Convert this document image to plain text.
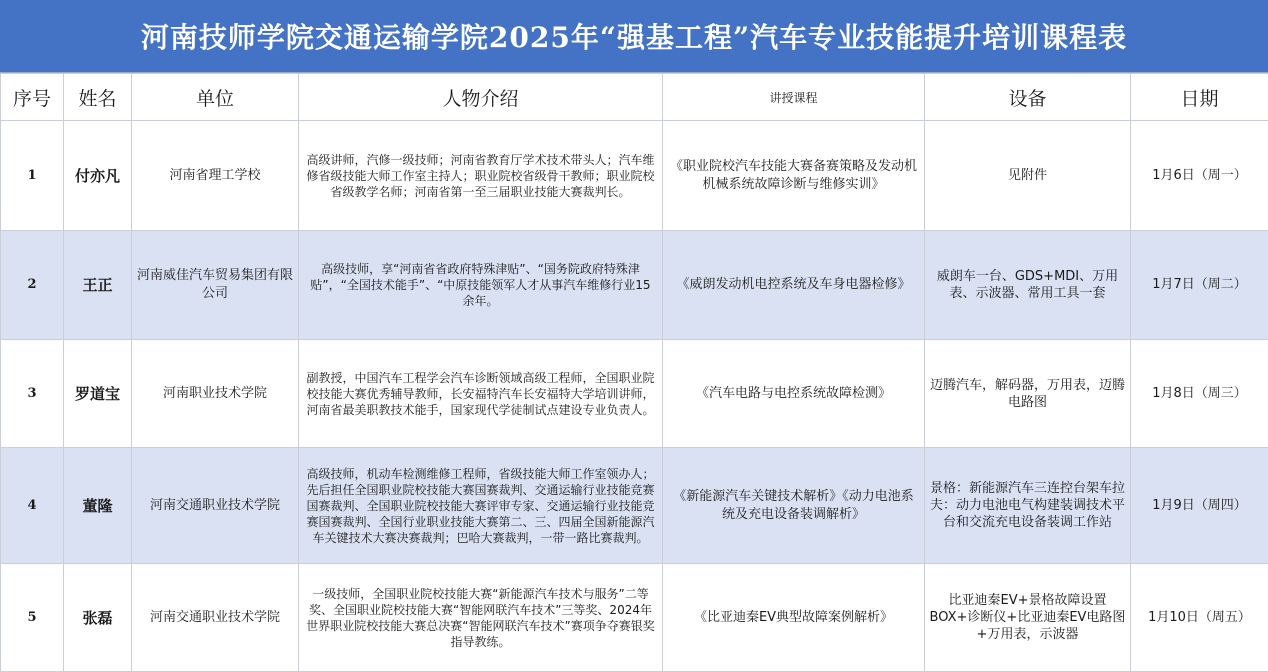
河南技师学院交通运输学院2025年“强基工程”汽车专业技能提升培训课程表
序号	姓名	单位	人物介绍	讲授课程	设备	日期
1	付亦凡	河南省理工学校	高级讲师，汽修一级技师；河南省教育厅学术技术带头人；汽车维修省级技能大师工作室主持人；职业院校省级骨干教师；职业院校省级教学名师；河南省第一至三届职业技能大赛裁判长。	《职业院校汽车技能大赛备赛策略及发动机机械系统故障诊断与维修实训》	见附件	1月6日（周一）
2	王正	河南威佳汽车贸易集团有限公司	高级技师，享“河南省省政府特殊津贴”、“国务院政府特殊津贴”，“全国技术能手”、“中原技能领军人才从事汽车维修行业15余年。	《威朗发动机电控系统及车身电器检修》	威朗车一台、GDS+MDI、万用表、示波器、常用工具一套	1月7日（周二）
3	罗道宝	河南职业技术学院	副教授，中国汽车工程学会汽车诊断领域高级工程师，全国职业院校技能大赛优秀辅导教师，长安福特汽车长安福特大学培训讲师，河南省最美职教技术能手，国家现代学徒制试点建设专业负责人。	《汽车电路与电控系统故障检测》	迈腾汽车，解码器，万用表，迈腾电路图	1月8日（周三）
4	董隆	河南交通职业技术学院	高级技师，机动车检测维修工程师，省级技能大师工作室领办人；先后担任全国职业院校技能大赛国赛裁判、交通运输行业技能竞赛国赛裁判、全国职业院校技能大赛评审专家、交通运输行业技能竞赛国赛裁判、全国行业职业技能大赛第二、三、四届全国新能源汽车关键技术大赛决赛裁判；巴哈大赛裁判，一带一路比赛裁判。	《新能源汽车关键技术解析》《动力电池系统及充电设备装调解析》	景格：新能源汽车三连控台架车拉夫：动力电池电气构建装调技术平台和交流充电设备装调工作站	1月9日（周四）
5	张磊	河南交通职业技术学院	一级技师，全国职业院校技能大赛“新能源汽车技术与服务”二等奖、全国职业院校技能大赛“智能网联汽车技术”三等奖、2024年世界职业院校技能大赛总决赛“智能网联汽车技术”赛项争夺赛银奖指导教练。	《比亚迪秦EV典型故障案例解析》	比亚迪秦EV+景格故障设置BOX+诊断仪+比亚迪秦EV电路图+万用表，示波器	1月10日（周五）
